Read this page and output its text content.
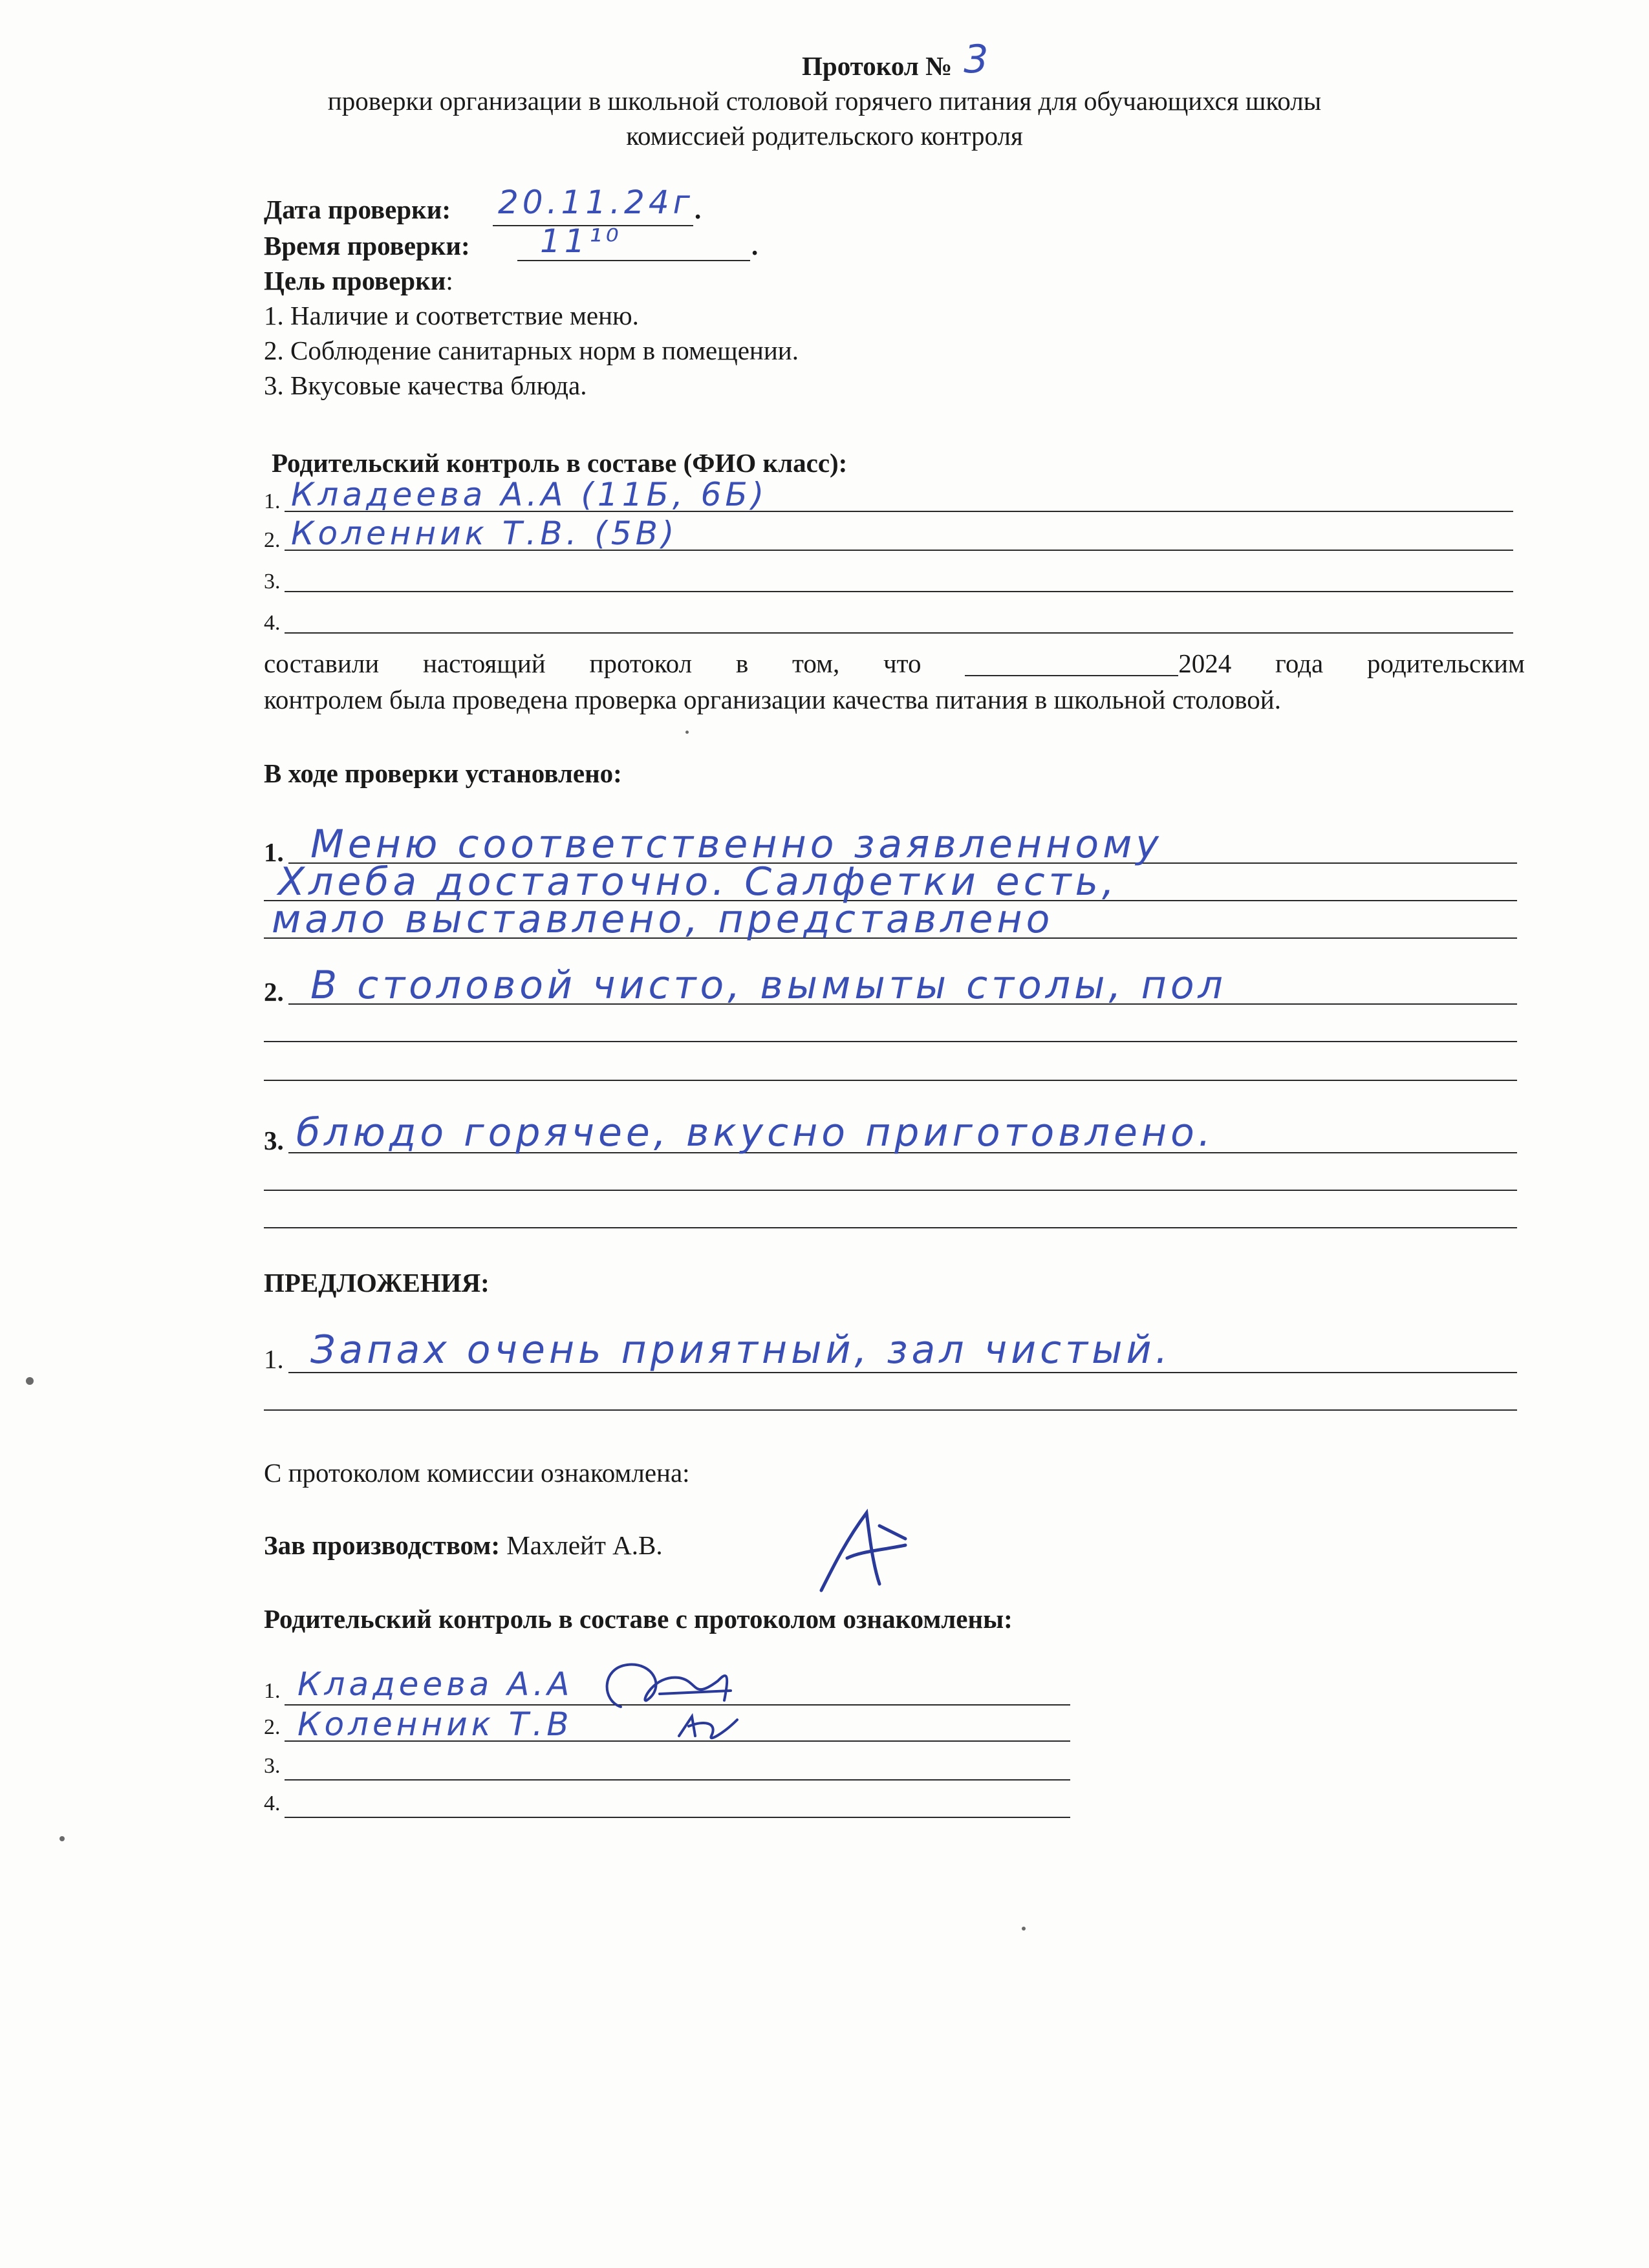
Протокол № 3
проверки организации в школьной столовой горячего питания для обучающихся школы
комиссией родительского контроля
Дата проверки:	.
20.11.24г
Время проверки:	.
11¹⁰
Цель проверки:
1. Наличие и соответствие меню.
2. Соблюдение санитарных норм в помещении.
3. Вкусовые качества блюда.
Родительский контроль в составе (ФИО класс):
1. Кладеева А.А (11Б, 6Б)
2. Коленник Т.В. (5В)
3.
4.
составили настоящий протокол в том, что	2024 года родительским
контролем была проведена проверка организации качества питания в школьной столовой.
В ходе проверки установлено:
1. Меню соответственно заявленному
Хлеба достаточно. Салфетки есть,
мало выставлено, представлено
2. В столовой чисто, вымыты столы, пол
3. блюдо горячее, вкусно приготовлено.
ПРЕДЛОЖЕНИЯ:
1. Запах очень приятный, зал чистый.
С протоколом комиссии ознакомлена:
Зав производством: Махлейт А.В.
Родительский контроль в составе с протоколом ознакомлены:
1. Кладеева А.А
2. Коленник Т.В
3.
4.
